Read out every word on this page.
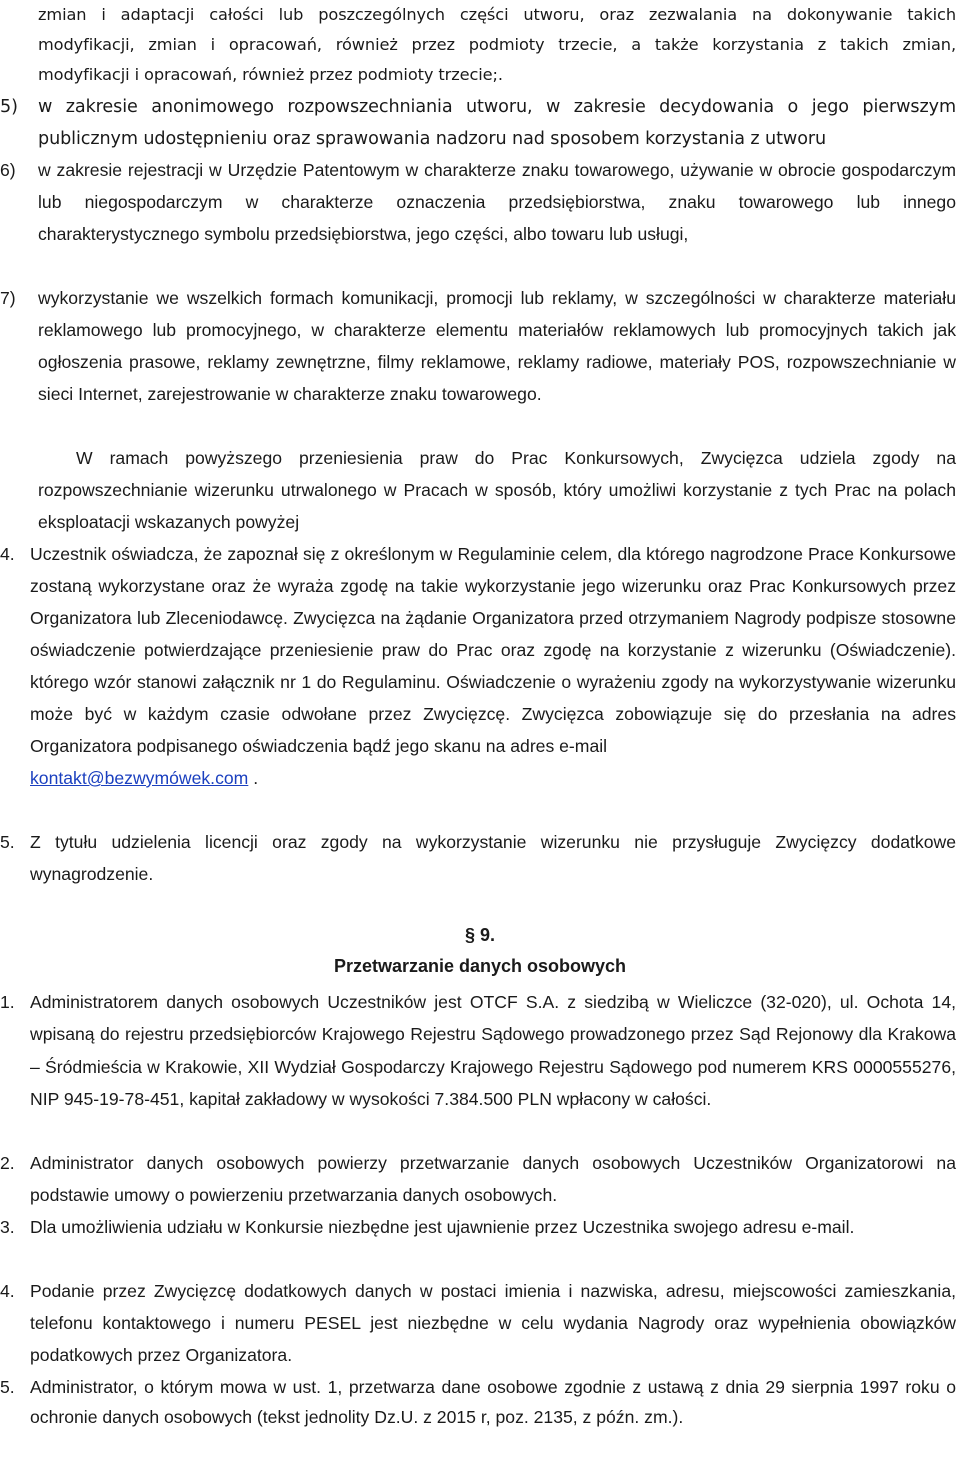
zmian i adaptacji całości lub poszczególnych części utworu, oraz zezwalania na dokonywanie takich
modyfikacji, zmian i opracowań, również przez podmioty trzecie, a także korzystania z takich zmian,
modyfikacji i opracowań, również przez podmioty trzecie;.
5) w zakresie anonimowego rozpowszechniania utworu, w zakresie decydowania o jego pierwszym publicznym udostępnieniu oraz sprawowania nadzoru nad sposobem korzystania z utworu
6) w zakresie rejestracji w Urzędzie Patentowym w charakterze znaku towarowego, używanie w obrocie gospodarczym lub niegospodarczym w charakterze oznaczenia przedsiębiorstwa, znaku towarowego lub innego charakterystycznego symbolu przedsiębiorstwa, jego części, albo towaru lub usługi,
7) wykorzystanie we wszelkich formach komunikacji, promocji lub reklamy, w szczególności w charakterze materiału reklamowego lub promocyjnego, w charakterze elementu materiałów reklamowych lub promocyjnych takich jak ogłoszenia prasowe, reklamy zewnętrzne, filmy reklamowe, reklamy radiowe, materiały POS, rozpowszechnianie w sieci Internet, zarejestrowanie w charakterze znaku towarowego.
W ramach powyższego przeniesienia praw do Prac Konkursowych, Zwycięzca udziela zgody na rozpowszechnianie wizerunku utrwalonego w Pracach w sposób, który umożliwi korzystanie z tych Prac na polach eksploatacji wskazanych powyżej
4. Uczestnik oświadcza, że zapoznał się z określonym w Regulaminie celem, dla którego nagrodzone Prace Konkursowe zostaną wykorzystane oraz że wyraża zgodę na takie wykorzystanie jego wizerunku oraz Prac Konkursowych przez Organizatora lub Zleceniodawcę. Zwycięzca na żądanie Organizatora przed otrzymaniem Nagrody podpisze stosowne oświadczenie potwierdzające przeniesienie praw do Prac oraz zgodę na korzystanie z wizerunku (Oświadczenie). którego wzór stanowi załącznik nr 1 do Regulaminu. Oświadczenie o wyrażeniu zgody na wykorzystywanie wizerunku może być w każdym czasie odwołane przez Zwycięzcę. Zwycięzca zobowiązuje się do przesłania na adres Organizatora podpisanego oświadczenia bądź jego skanu na adres e-mail
kontakt@bezwymówek.com .
5. Z tytułu udzielenia licencji oraz zgody na wykorzystanie wizerunku nie przysługuje Zwycięzcy dodatkowe wynagrodzenie.
§ 9.
Przetwarzanie danych osobowych
1. Administratorem danych osobowych Uczestników jest OTCF S.A. z siedzibą w Wieliczce (32-020), ul. Ochota 14, wpisaną do rejestru przedsiębiorców Krajowego Rejestru Sądowego prowadzonego przez Sąd Rejonowy dla Krakowa – Śródmieścia w Krakowie, XII Wydział Gospodarczy Krajowego Rejestru Sądowego pod numerem KRS 0000555276, NIP 945-19-78-451, kapitał zakładowy w wysokości 7.384.500 PLN wpłacony w całości.
2. Administrator danych osobowych powierzy przetwarzanie danych osobowych Uczestników Organizatorowi na podstawie umowy o powierzeniu przetwarzania danych osobowych.
3. Dla umożliwienia udziału w Konkursie niezbędne jest ujawnienie przez Uczestnika swojego adresu e-mail.
4. Podanie przez Zwycięzcę dodatkowych danych w postaci imienia i nazwiska, adresu, miejscowości zamieszkania, telefonu kontaktowego i numeru PESEL jest niezbędne w celu wydania Nagrody oraz wypełnienia obowiązków podatkowych przez Organizatora.
5. Administrator, o którym mowa w ust. 1, przetwarza dane osobowe zgodnie z ustawą z dnia 29 sierpnia 1997 roku o ochronie danych osobowych (tekst jednolity Dz.U. z 2015 r, poz. 2135, z późn. zm.).
